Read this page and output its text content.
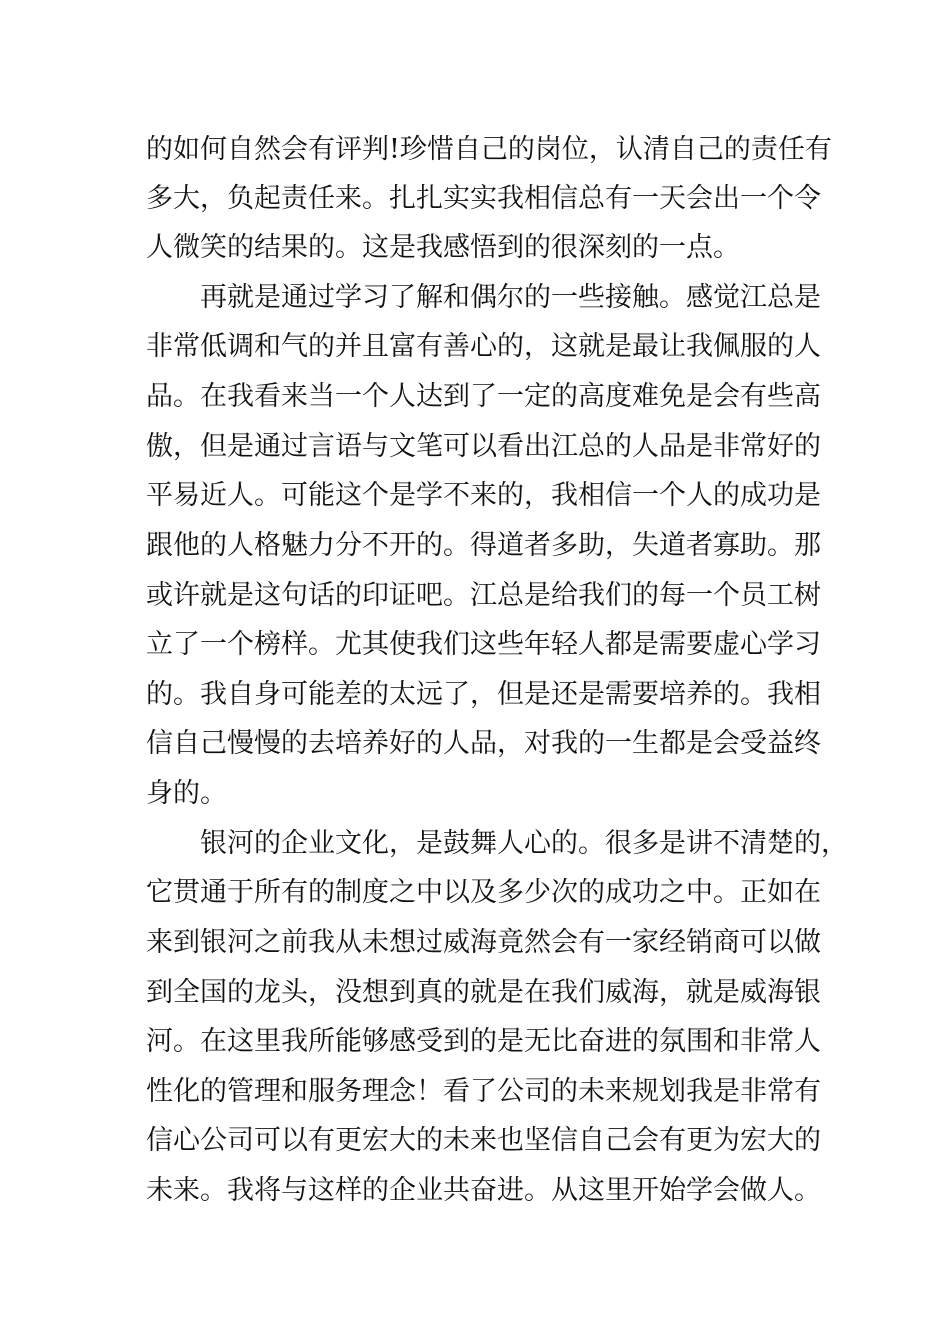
的如何自然会有评判!珍惜自己的岗位，认清自己的责任有

多大，负起责任来。扎扎实实我相信总有一天会出一个令

人微笑的结果的。这是我感悟到的很深刻的一点。

再就是通过学习了解和偶尔的一些接触。感觉江总是

非常低调和气的并且富有善心的，这就是最让我佩服的人

品。在我看来当一个人达到了一定的高度难免是会有些高

傲，但是通过言语与文笔可以看出江总的人品是非常好的

平易近人。可能这个是学不来的，我相信一个人的成功是

跟他的人格魅力分不开的。得道者多助，失道者寡助。那

或许就是这句话的印证吧。江总是给我们的每一个员工树

立了一个榜样。尤其使我们这些年轻人都是需要虚心学习

的。我自身可能差的太远了，但是还是需要培养的。我相

信自己慢慢的去培养好的人品，对我的一生都是会受益终

身的。

银河的企业文化，是鼓舞人心的。很多是讲不清楚的，

它贯通于所有的制度之中以及多少次的成功之中。正如在

来到银河之前我从未想过威海竟然会有一家经销商可以做

到全国的龙头，没想到真的就是在我们威海，就是威海银

河。在这里我所能够感受到的是无比奋进的氛围和非常人

性化的管理和服务理念！看了公司的未来规划我是非常有

信心公司可以有更宏大的未来也坚信自己会有更为宏大的

未来。我将与这样的企业共奋进。从这里开始学会做人。
